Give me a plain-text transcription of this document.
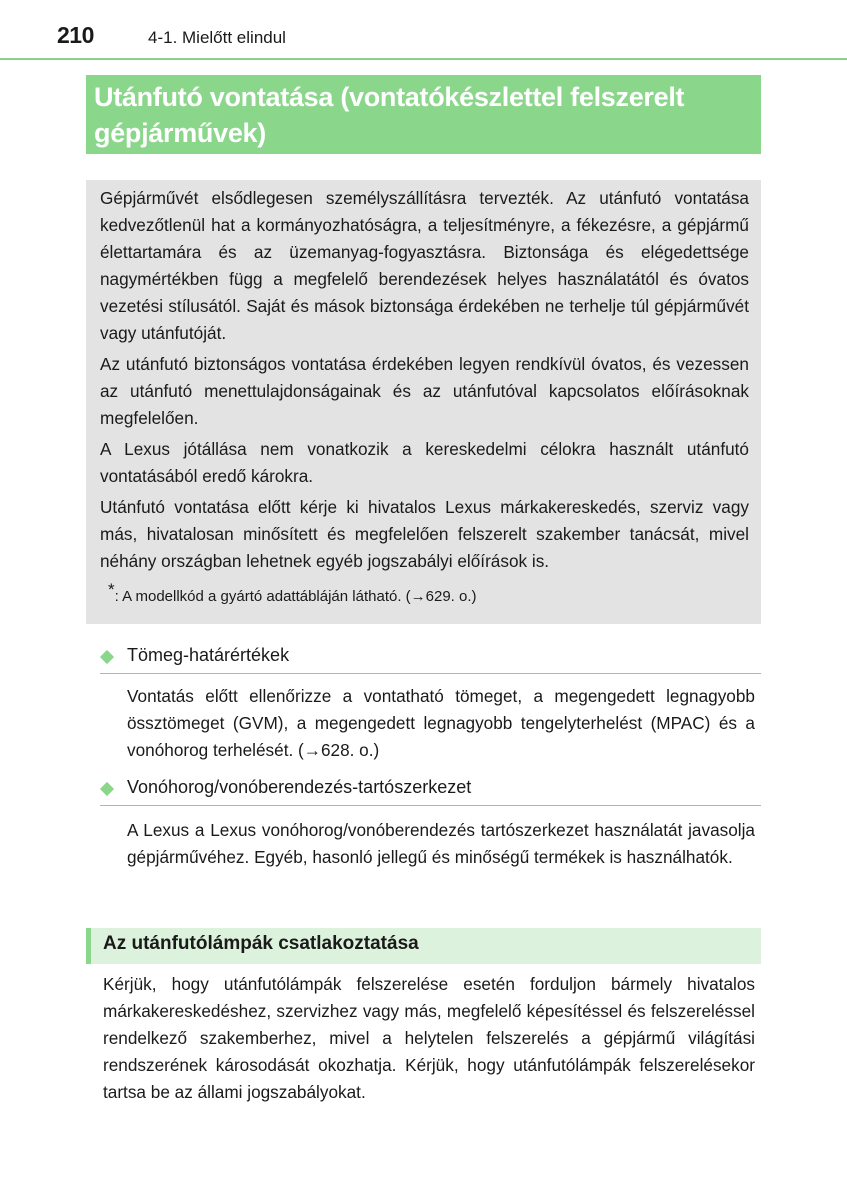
210	4-1. Mielőtt elindul
Utánfutó vontatása (vontatókészlettel felszerelt gépjárművek)

Gépjárművét elsődlegesen személyszállításra tervezték. Az utánfutó vontatása kedvezőtlenül hat a kormányozhatóságra, a teljesítményre, a fékezésre, a gépjármű élettartamára és az üzemanyag-fogyasztásra. Biztonsága és elégedettsége nagymértékben függ a megfelelő berendezések helyes használatától és óvatos vezetési stílusától. Saját és mások biztonsága érdekében ne terhelje túl gépjárművét vagy utánfutóját.

Az utánfutó biztonságos vontatása érdekében legyen rendkívül óvatos, és vezessen az utánfutó menettulajdonságainak és az utánfutóval kapcsolatos előírásoknak megfelelően.

A Lexus jótállása nem vonatkozik a kereskedelmi célokra használt utánfutó vontatásából eredő károkra.

Utánfutó vontatása előtt kérje ki hivatalos Lexus márkakereskedés, szerviz vagy más, hivatalosan minősített és megfelelően felszerelt szakember tanácsát, mivel néhány országban lehetnek egyéb jogszabályi előírások is.

*: A modellkód a gyártó adattábláján látható. (→629. o.)
Tömeg-határértékek

Vontatás előtt ellenőrizze a vontatható tömeget, a megengedett legnagyobb össztömeget (GVM), a megengedett legnagyobb tengelyterhelést (MPAC) és a vonóhorog terhelését. (→628. o.)

Vonóhorog/vonóberendezés-tartószerkezet

A Lexus a Lexus vonóhorog/vonóberendezés tartószerkezet használatát javasolja gépjárművéhez. Egyéb, hasonló jellegű és minőségű termékek is használhatók.

Az utánfutólámpák csatlakoztatása

Kérjük, hogy utánfutólámpák felszerelése esetén forduljon bármely hivatalos márkakereskedéshez, szervizhez vagy más, megfelelő képesítéssel és felszereléssel rendelkező szakemberhez, mivel a helytelen felszerelés a gépjármű világítási rendszerének károsodását okozhatja. Kérjük, hogy utánfutólámpák felszerelésekor tartsa be az állami jogszabályokat.
